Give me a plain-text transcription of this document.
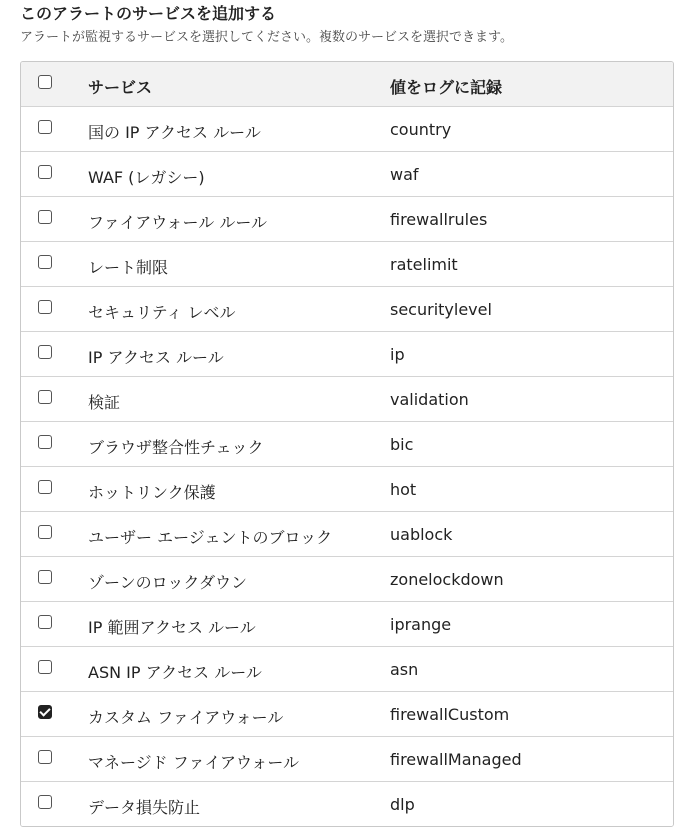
このアラートのサービスを追加する
アラートが監視するサービスを選択してください。複数のサービスを選択できます。
サービス	値をログに記録
国の IP アクセス ルール	country
WAF (レガシー)	waf
ファイアウォール ルール	firewallrules
レート制限	ratelimit
セキュリティ レベル	securitylevel
IP アクセス ルール	ip
検証	validation
ブラウザ整合性チェック	bic
ホットリンク保護	hot
ユーザー エージェントのブロック	uablock
ゾーンのロックダウン	zonelockdown
IP 範囲アクセス ルール	iprange
ASN IP アクセス ルール	asn
カスタム ファイアウォール	firewallCustom
マネージド ファイアウォール	firewallManaged
データ損失防止	dlp
